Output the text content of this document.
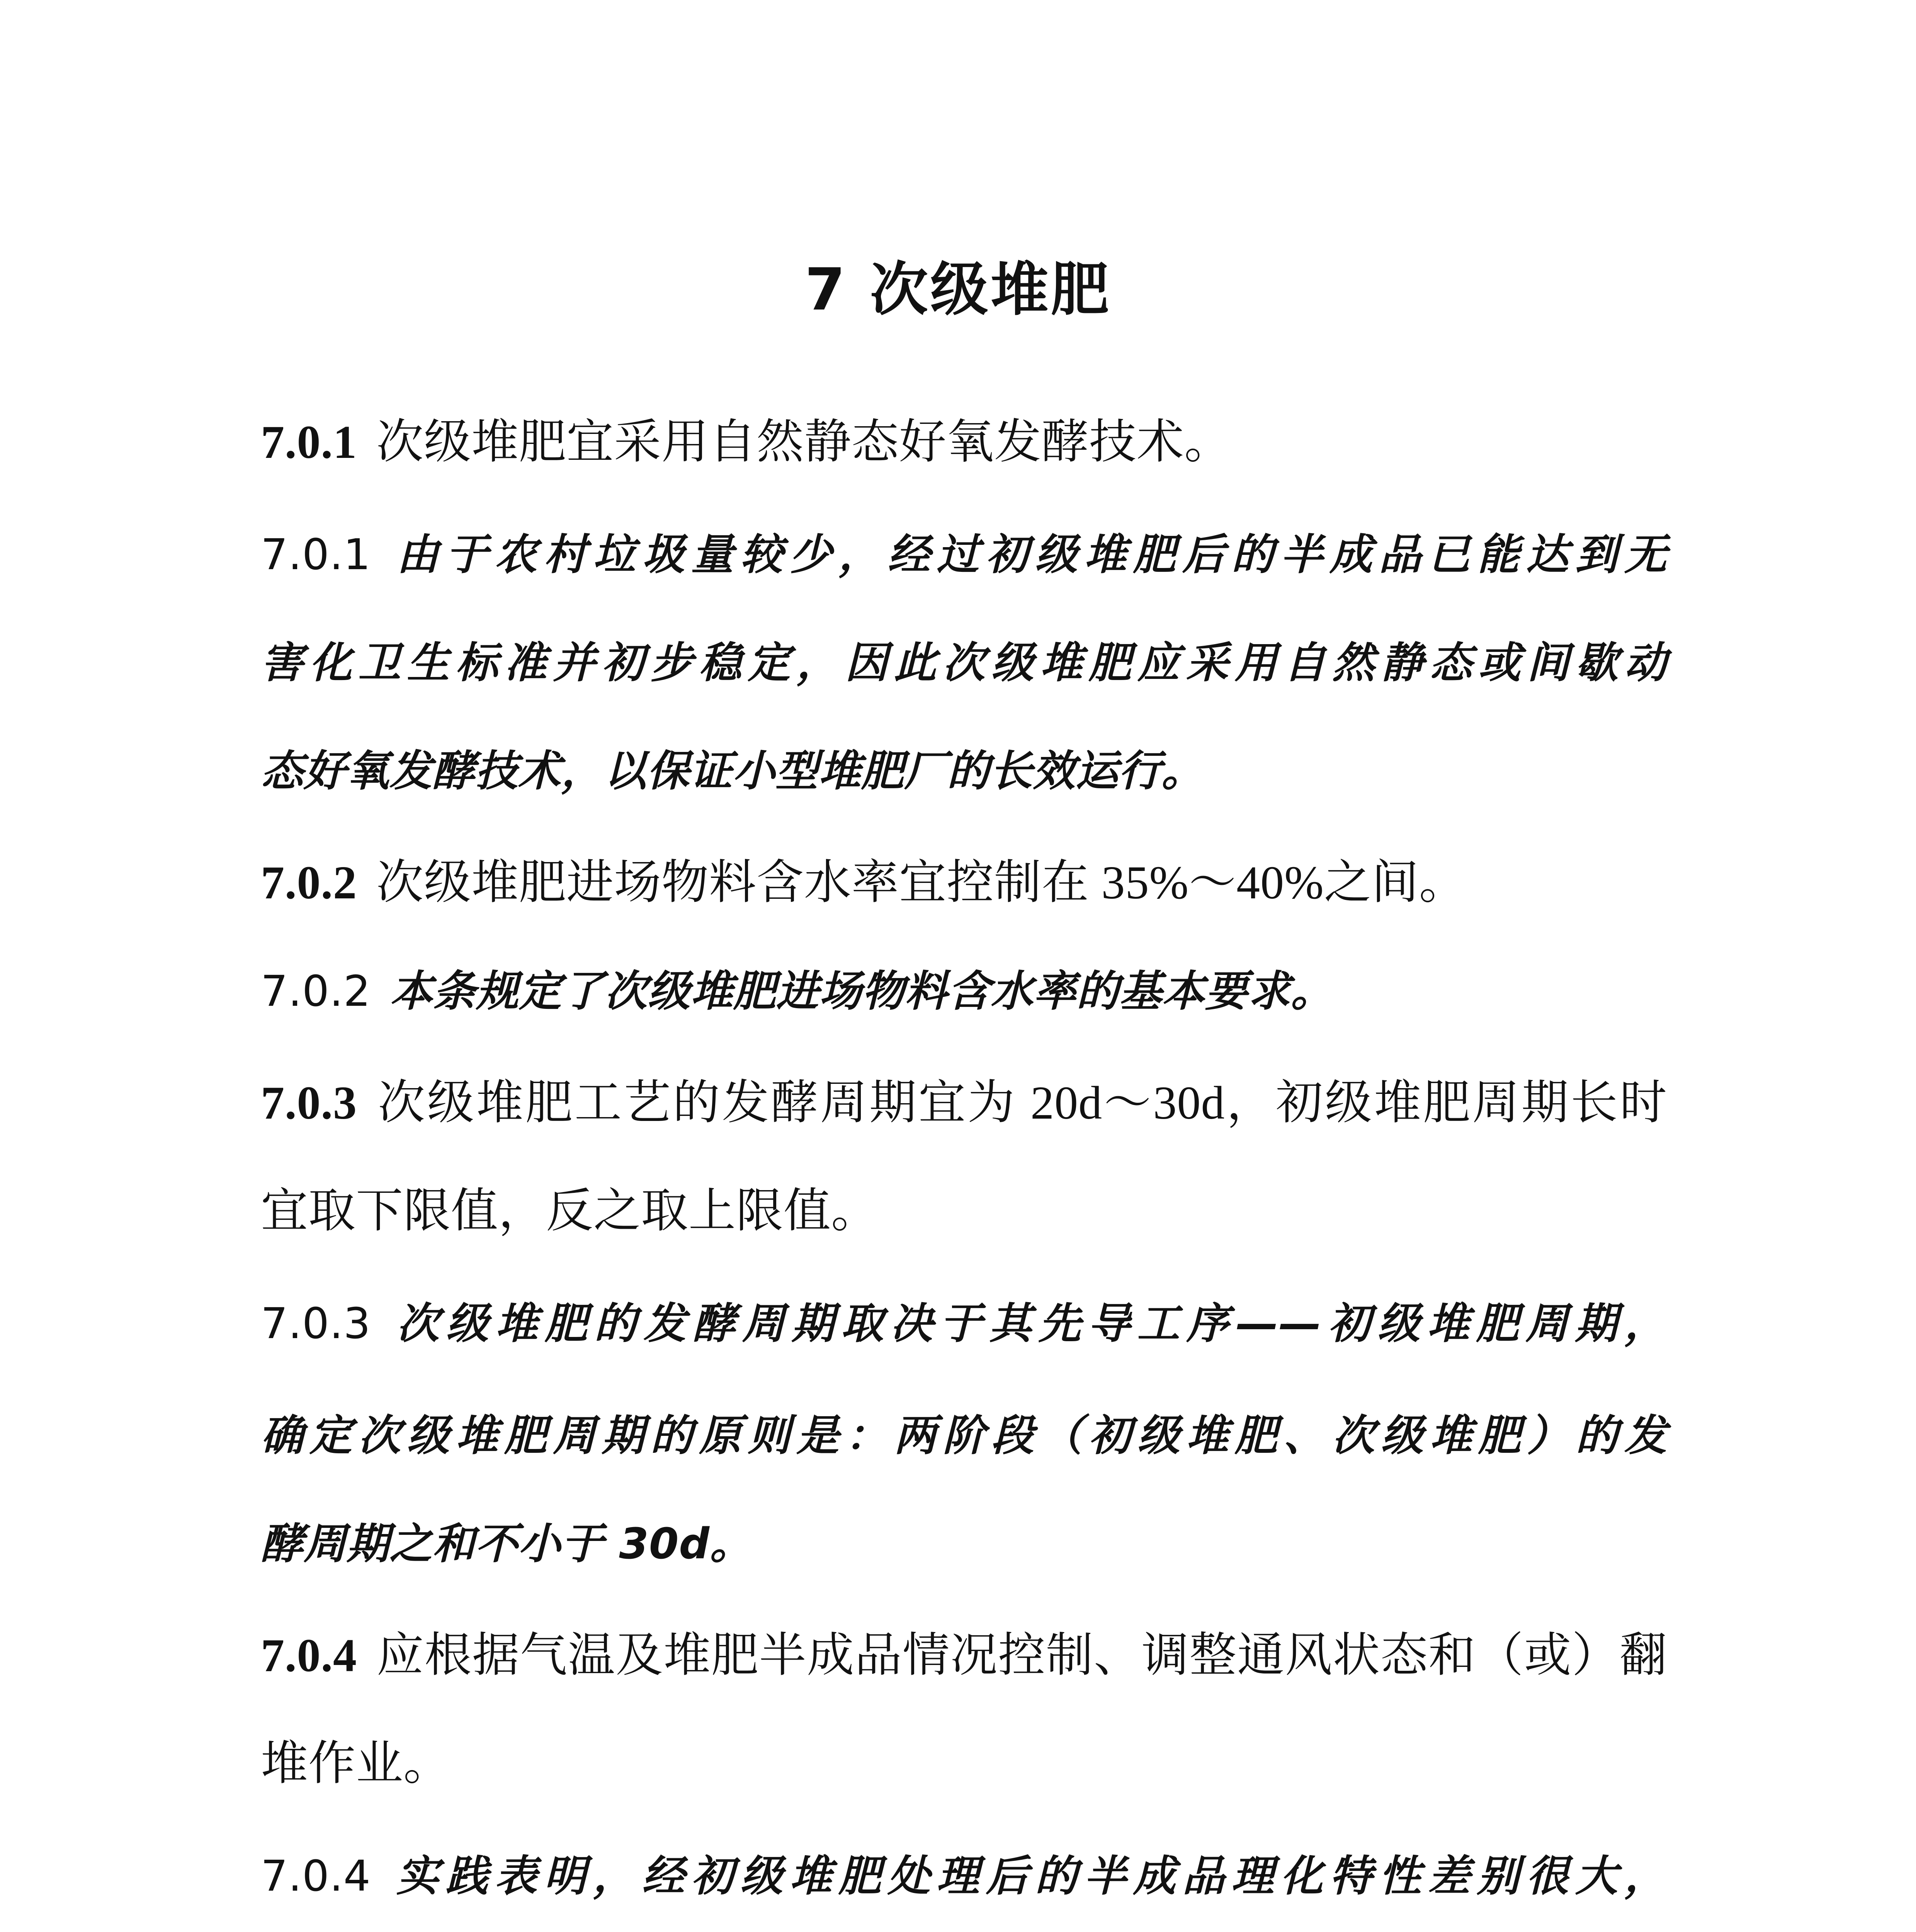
7 次级堆肥

7.0.1 次级堆肥宜采用自然静态好氧发酵技术。

7.0.1 由于农村垃圾量较少，经过初级堆肥后的半成品已能达到无

害化卫生标准并初步稳定，因此次级堆肥应采用自然静态或间歇动

态好氧发酵技术，以保证小型堆肥厂的长效运行。

7.0.2 次级堆肥进场物料含水率宜控制在 35%～40%之间。

7.0.2 本条规定了次级堆肥进场物料含水率的基本要求。

7.0.3 次级堆肥工艺的发酵周期宜为 20d～30d，初级堆肥周期长时

宜取下限值，反之取上限值。

7.0.3 次级堆肥的发酵周期取决于其先导工序——初级堆肥周期，

确定次级堆肥周期的原则是：两阶段（初级堆肥、次级堆肥）的发

酵周期之和不小于 30d。

7.0.4 应根据气温及堆肥半成品情况控制、调整通风状态和（或）翻

堆作业。

7.0.4 实践表明，经初级堆肥处理后的半成品理化特性差别很大，
